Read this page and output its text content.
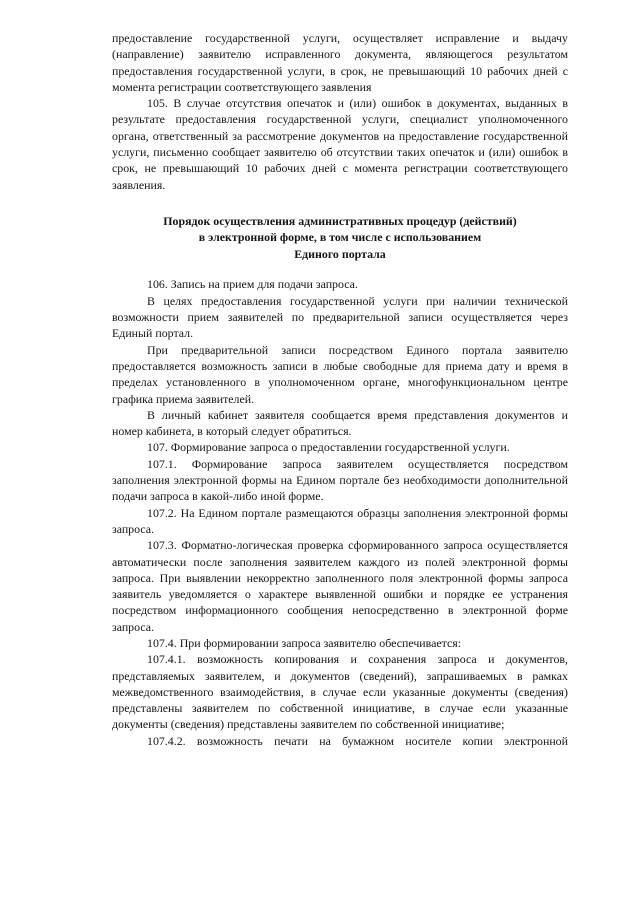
предоставление государственной услуги, осуществляет исправление и выдачу (направление) заявителю исправленного документа, являющегося результатом предоставления государственной услуги, в срок, не превышающий 10 рабочих дней с момента регистрации соответствующего заявления

105. В случае отсутствия опечаток и (или) ошибок в документах, выданных в результате предоставления государственной услуги, специалист уполномоченного органа, ответственный за рассмотрение документов на предоставление государственной услуги, письменно сообщает заявителю об отсутствии таких опечаток и (или) ошибок в срок, не превышающий 10 рабочих дней с момента регистрации соответствующего заявления.

Порядок осуществления административных процедур (действий)
в электронной форме, в том числе с использованием
Единого портала

106. Запись на прием для подачи запроса.

В целях предоставления государственной услуги при наличии технической возможности прием заявителей по предварительной записи осуществляется через Единый портал.

При предварительной записи посредством Единого портала заявителю предоставляется возможность записи в любые свободные для приема дату и время в пределах установленного в уполномоченном органе, многофункциональном центре графика приема заявителей.

В личный кабинет заявителя сообщается время представления документов и номер кабинета, в который следует обратиться.

107. Формирование запроса о предоставлении государственной услуги.

107.1. Формирование запроса заявителем осуществляется посредством заполнения электронной формы на Едином портале без необходимости дополнительной подачи запроса в какой-либо иной форме.

107.2. На Едином портале размещаются образцы заполнения электронной формы запроса.

107.3. Форматно-логическая проверка сформированного запроса осуществляется автоматически после заполнения заявителем каждого из полей электронной формы запроса. При выявлении некорректно заполненного поля электронной формы запроса заявитель уведомляется о характере выявленной ошибки и порядке ее устранения посредством информационного сообщения непосредственно в электронной форме запроса.

107.4. При формировании запроса заявителю обеспечивается:

107.4.1. возможность копирования и сохранения запроса и документов, представляемых заявителем, и документов (сведений), запрашиваемых в рамках межведомственного взаимодействия, в случае если указанные документы (сведения) представлены заявителем по собственной инициативе, в случае если указанные документы (сведения) представлены заявителем по собственной инициативе;

107.4.2. возможность печати на бумажном носителе копии электронной
